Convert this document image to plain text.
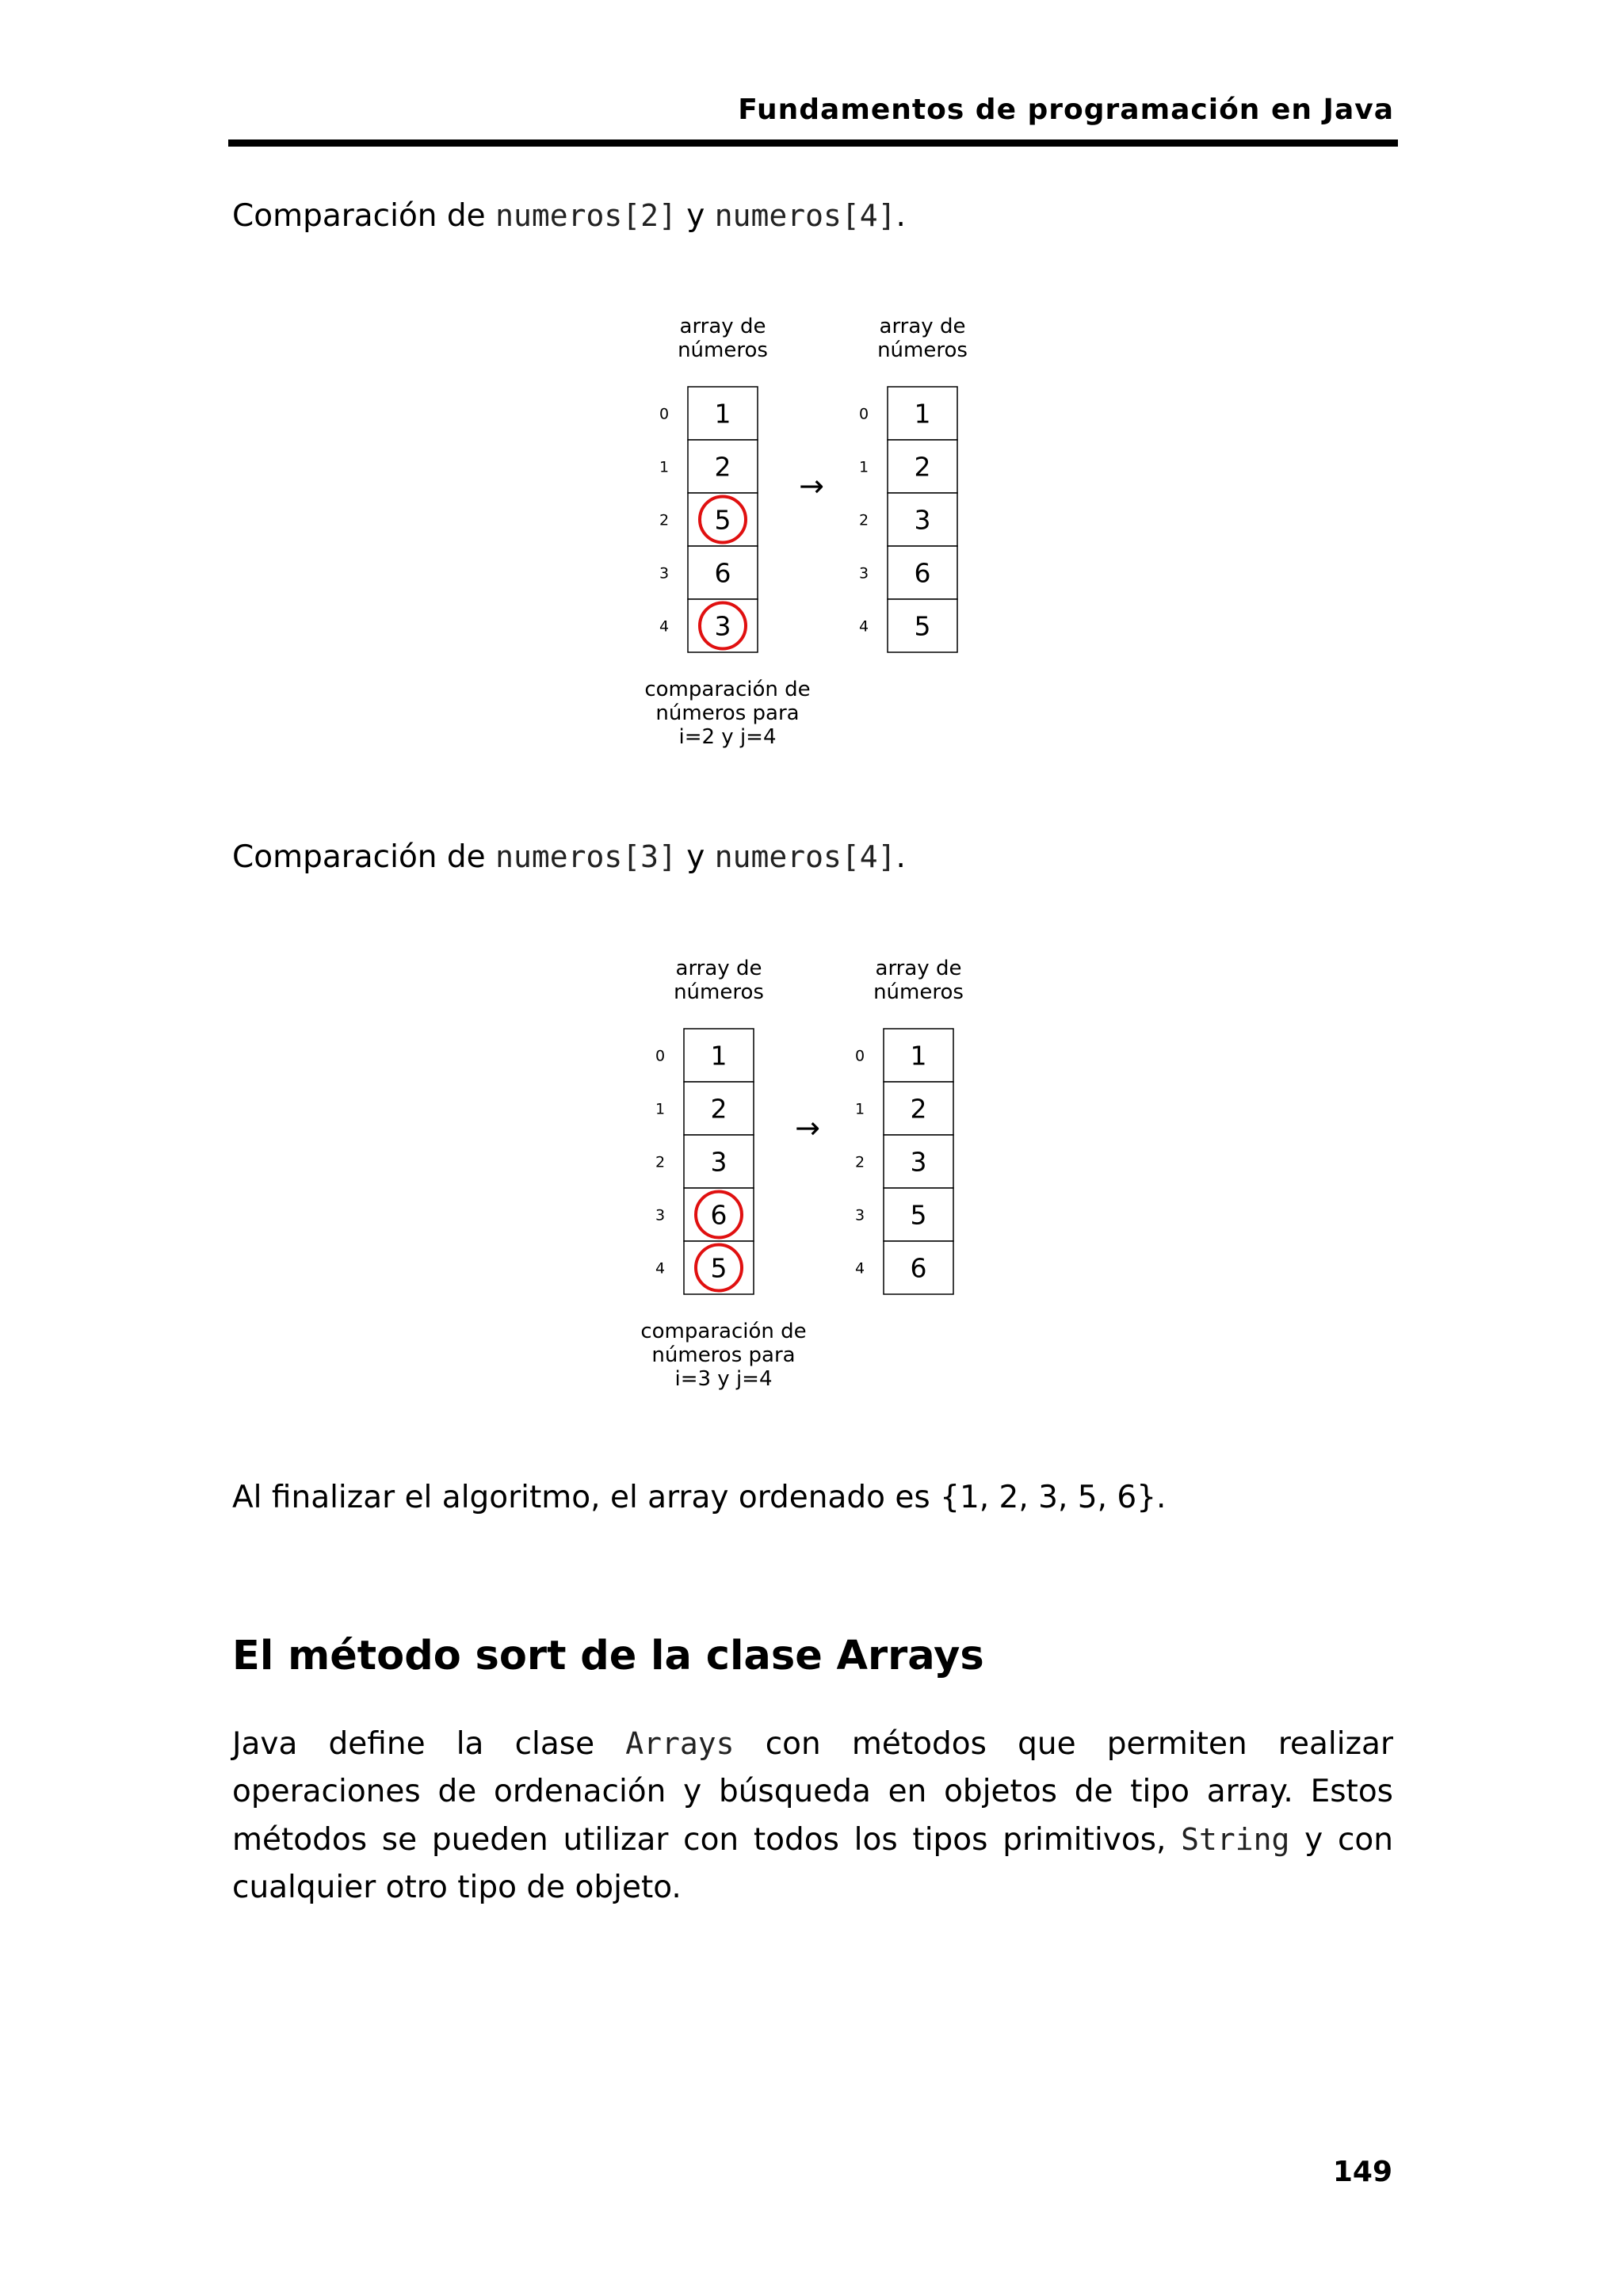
Fundamentos de programación en Java
Comparación de numeros[2] y numeros[4].
array de
números
0 1
1 2
2 5
3 6
4 3
array de
números
0 1
1 2
2 3
3 6
4 5
→
comparación de
números para
i=2 y j=4
Comparación de numeros[3] y numeros[4].
array de
números
0 1
1 2
2 3
3 6
4 5
array de
números
0 1
1 2
2 3
3 5
4 6
→
comparación de
números para
i=3 y j=4
Al finalizar el algoritmo, el array ordenado es {1, 2, 3, 5, 6}.
El método sort de la clase Arrays
Java define la clase Arrays con métodos que permiten realizar operaciones de ordenación y búsqueda en objetos de tipo array. Estos métodos se pueden utilizar con todos los tipos primitivos, String y con cualquier otro tipo de objeto.
149
